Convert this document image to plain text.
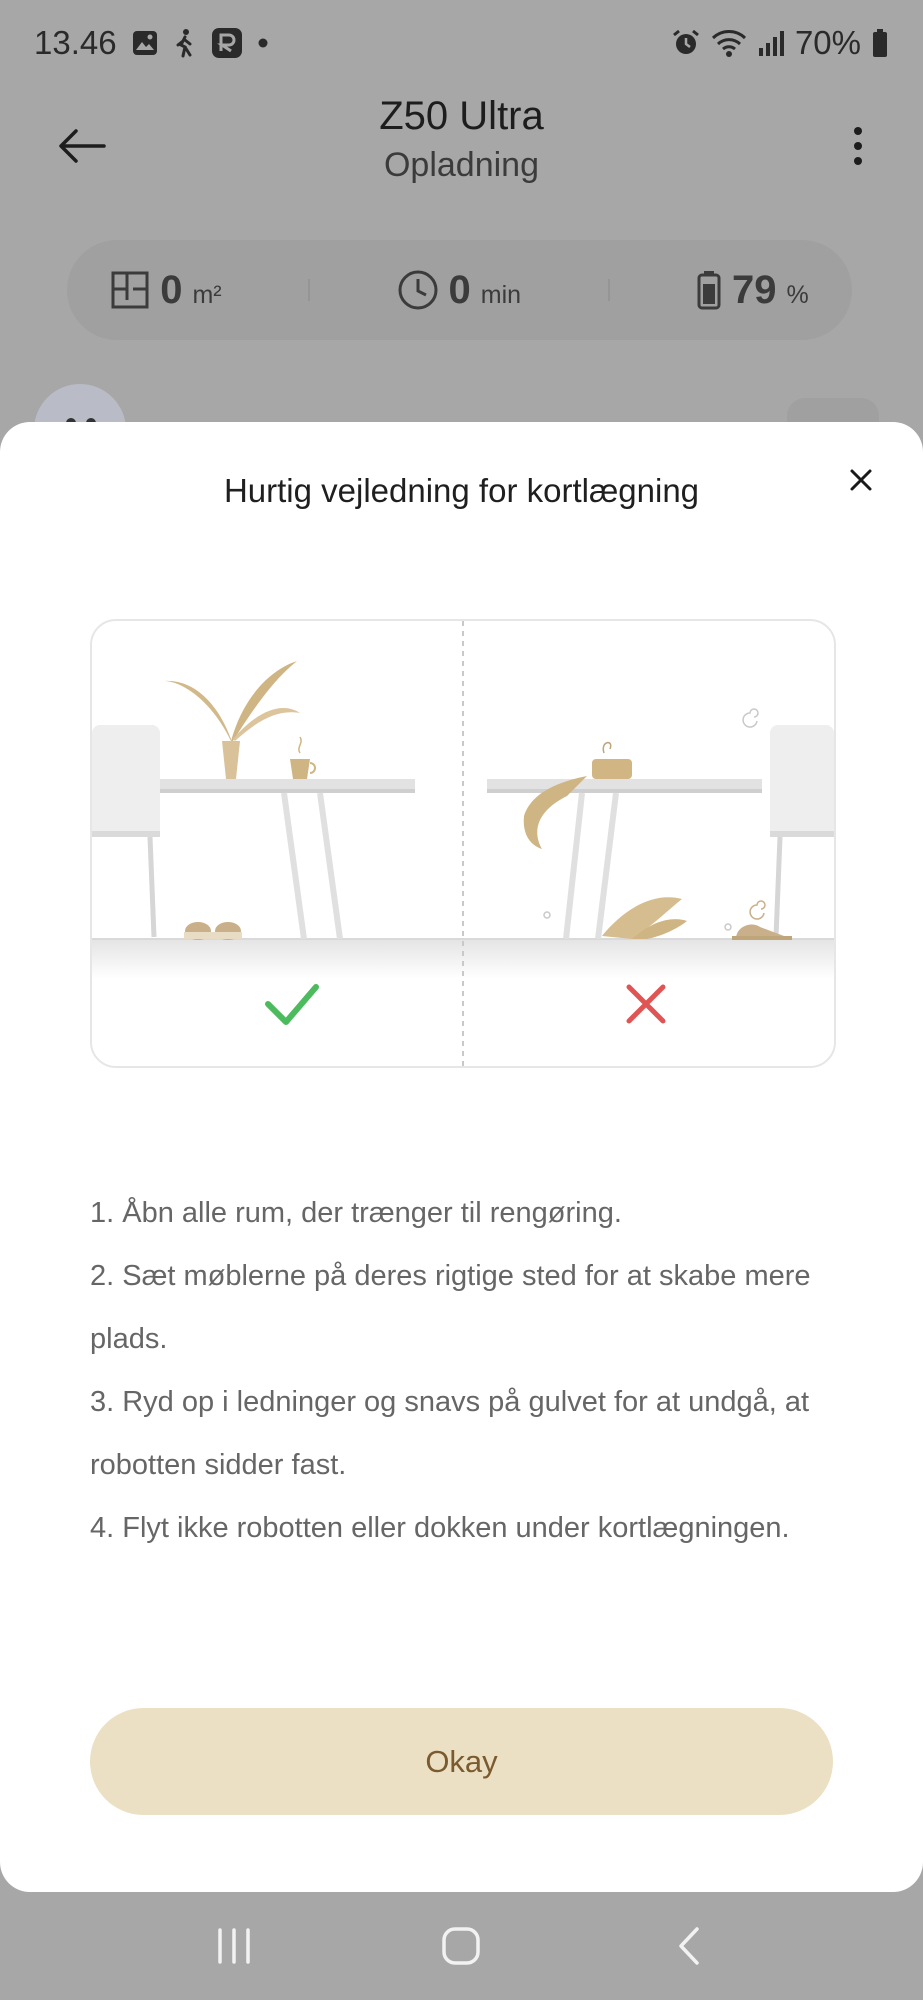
13.46	70%
Z50 Ultra
Opladning
0 m²	0 min	79 %
Hurtig vejledning for kortlægning
1. Åbn alle rum, der trænger til rengøring.
2. Sæt møblerne på deres rigtige sted for at skabe mere plads.
3. Ryd op i ledninger og snavs på gulvet for at undgå, at robotten sidder fast.
4. Flyt ikke robotten eller dokken under kortlægningen.
Okay
